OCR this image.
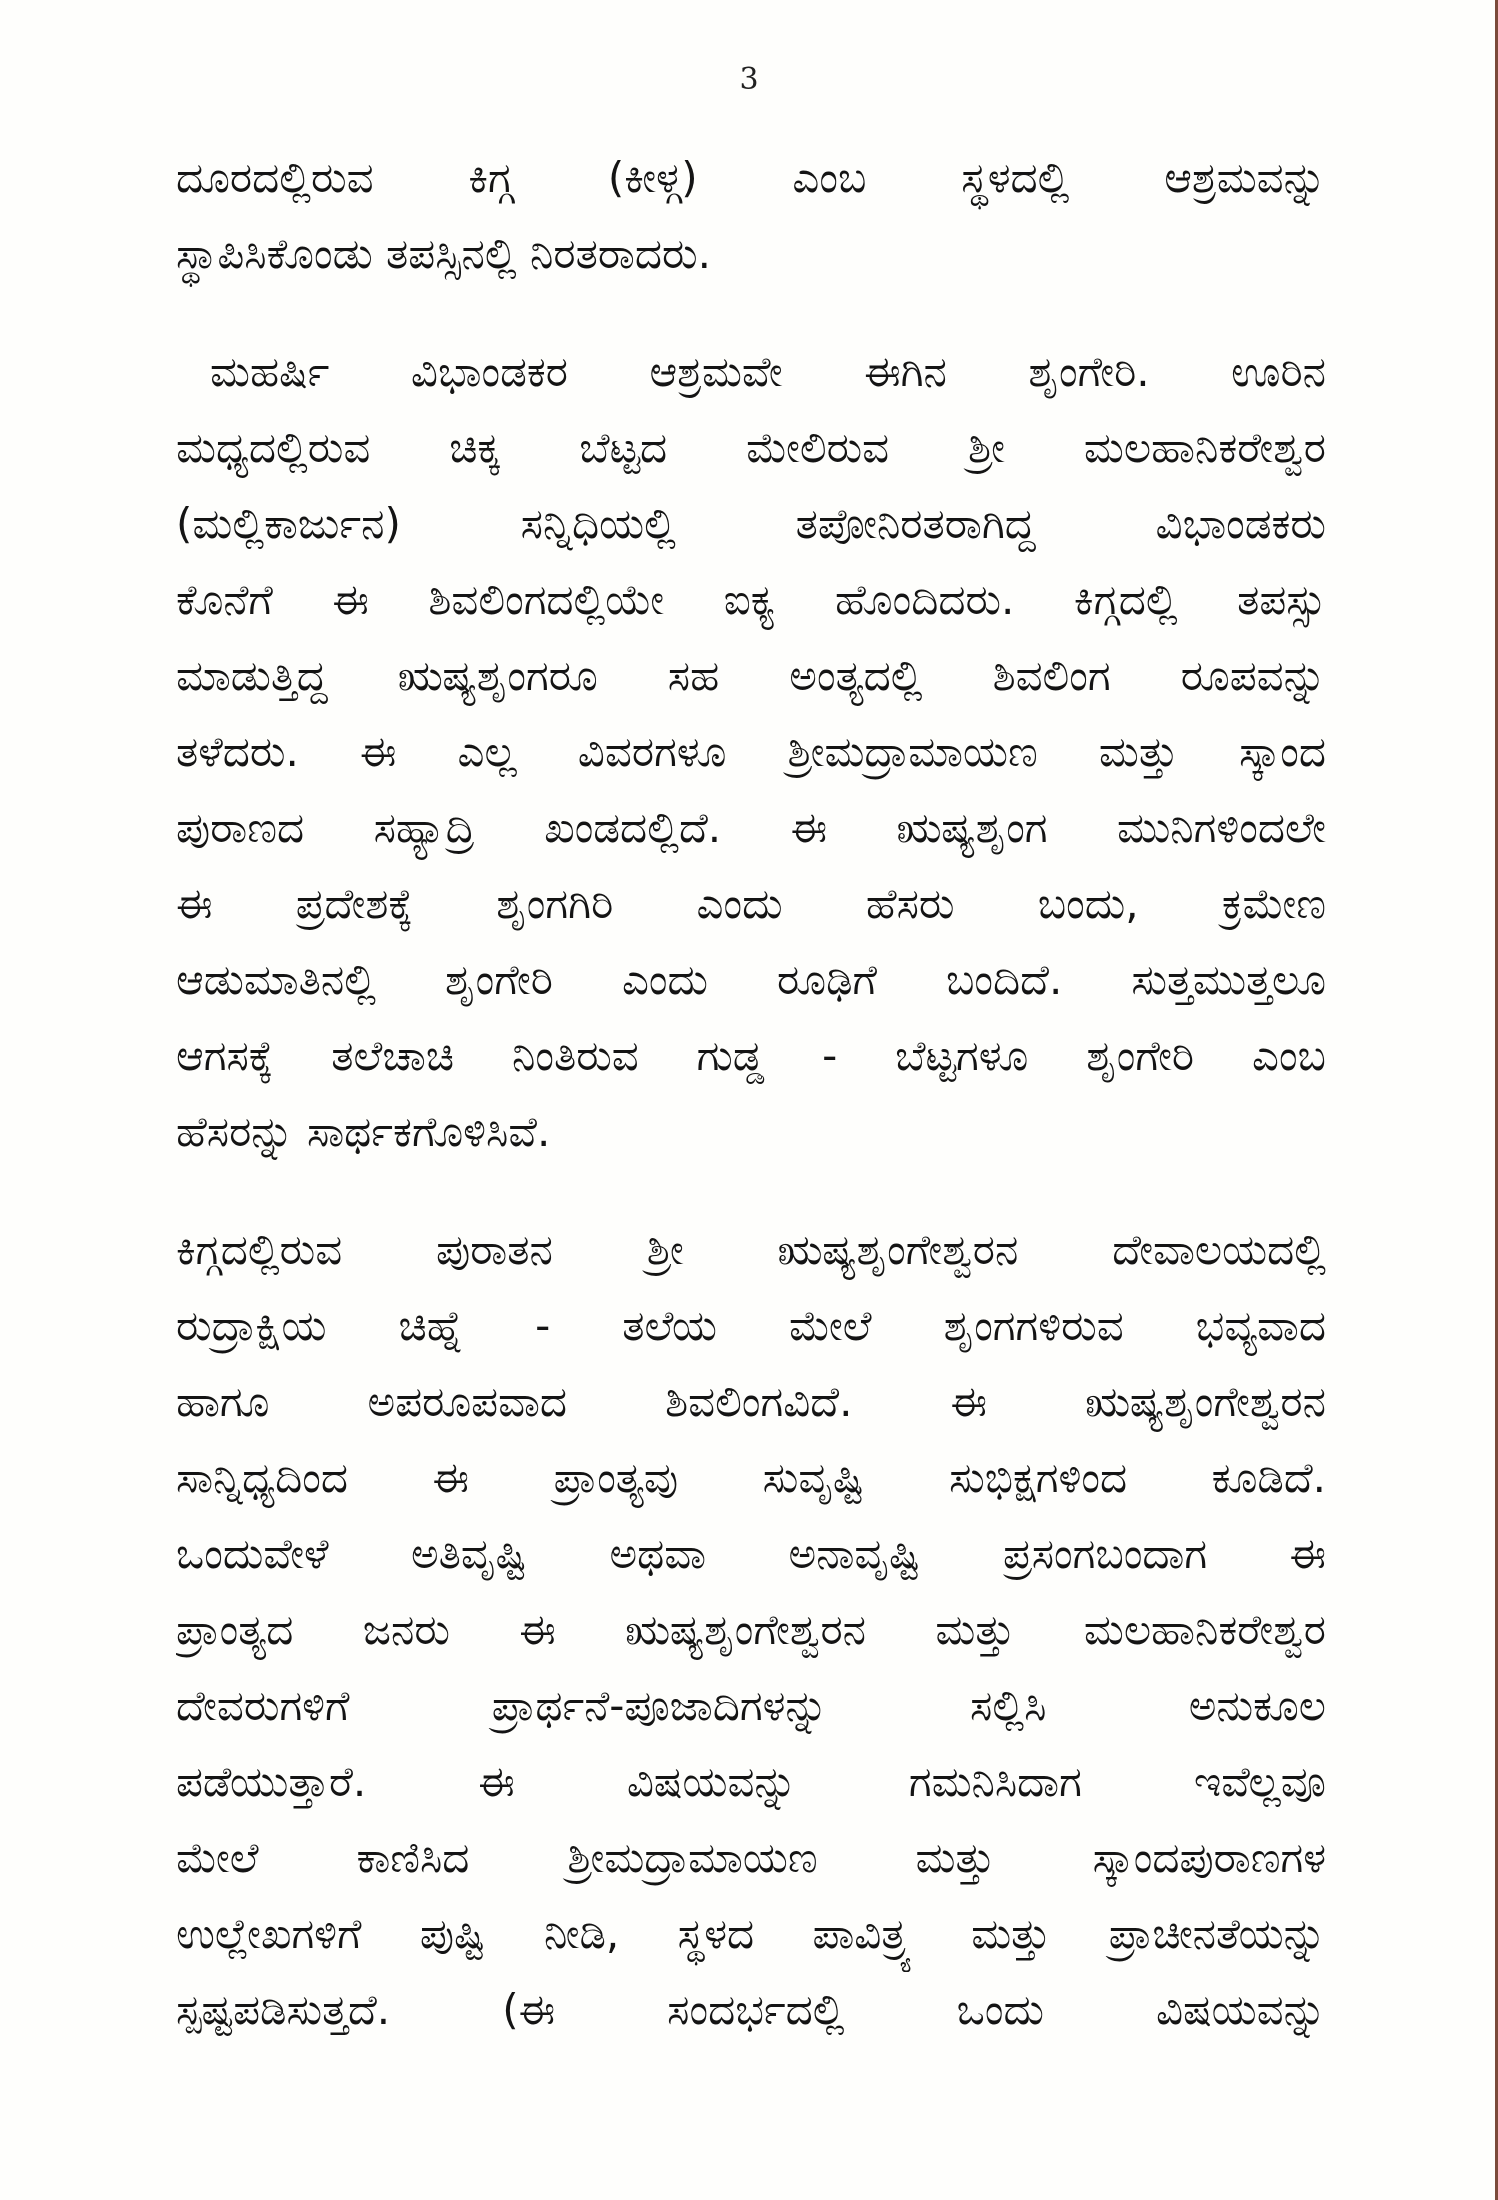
3
ದೂರದಲ್ಲಿರುವ ಕಿಗ್ಗ (ಕೀಳ್ಗ) ಎಂಬ ಸ್ಥಳದಲ್ಲಿ ಆಶ್ರಮವನ್ನು
ಸ್ಥಾಪಿಸಿಕೊಂಡು ತಪಸ್ಸಿನಲ್ಲಿ ನಿರತರಾದರು.
ಮಹರ್ಷಿ ವಿಭಾಂಡಕರ ಆಶ್ರಮವೇ ಈಗಿನ ಶೃಂಗೇರಿ. ಊರಿನ
ಮಧ್ಯದಲ್ಲಿರುವ ಚಿಕ್ಕ ಬೆಟ್ಟದ ಮೇಲಿರುವ ಶ್ರೀ ಮಲಹಾನಿಕರೇಶ್ವರ
(ಮಲ್ಲಿಕಾರ್ಜುನ) ಸನ್ನಿಧಿಯಲ್ಲಿ ತಪೋನಿರತರಾಗಿದ್ದ ವಿಭಾಂಡಕರು
ಕೊನೆಗೆ ಈ ಶಿವಲಿಂಗದಲ್ಲಿಯೇ ಐಕ್ಯ ಹೊಂದಿದರು. ಕಿಗ್ಗದಲ್ಲಿ ತಪಸ್ಸು
ಮಾಡುತ್ತಿದ್ದ ಋಷ್ಯಶೃಂಗರೂ ಸಹ ಅಂತ್ಯದಲ್ಲಿ ಶಿವಲಿಂಗ ರೂಪವನ್ನು
ತಳೆದರು. ಈ ಎಲ್ಲ ವಿವರಗಳೂ ಶ್ರೀಮದ್ರಾಮಾಯಣ ಮತ್ತು ಸ್ಕಾಂದ
ಪುರಾಣದ ಸಹ್ಯಾದ್ರಿ ಖಂಡದಲ್ಲಿದೆ. ಈ ಋಷ್ಯಶೃಂಗ ಮುನಿಗಳಿಂದಲೇ
ಈ ಪ್ರದೇಶಕ್ಕೆ ಶೃಂಗಗಿರಿ ಎಂದು ಹೆಸರು ಬಂದು, ಕ್ರಮೇಣ
ಆಡುಮಾತಿನಲ್ಲಿ ಶೃಂಗೇರಿ ಎಂದು ರೂಢಿಗೆ ಬಂದಿದೆ. ಸುತ್ತಮುತ್ತಲೂ
ಆಗಸಕ್ಕೆ ತಲೆಚಾಚಿ ನಿಂತಿರುವ ಗುಡ್ಡ - ಬೆಟ್ಟಗಳೂ ಶೃಂಗೇರಿ ಎಂಬ
ಹೆಸರನ್ನು ಸಾರ್ಥಕಗೊಳಿಸಿವೆ.
ಕಿಗ್ಗದಲ್ಲಿರುವ ಪುರಾತನ ಶ್ರೀ ಋಷ್ಯಶೃಂಗೇಶ್ವರನ ದೇವಾಲಯದಲ್ಲಿ
ರುದ್ರಾಕ್ಷಿಯ ಚಿಹ್ನೆ - ತಲೆಯ ಮೇಲೆ ಶೃಂಗಗಳಿರುವ ಭವ್ಯವಾದ
ಹಾಗೂ ಅಪರೂಪವಾದ ಶಿವಲಿಂಗವಿದೆ. ಈ ಋಷ್ಯಶೃಂಗೇಶ್ವರನ
ಸಾನ್ನಿಧ್ಯದಿಂದ ಈ ಪ್ರಾಂತ್ಯವು ಸುವೃಷ್ಟಿ ಸುಭಿಕ್ಷಗಳಿಂದ ಕೂಡಿದೆ.
ಒಂದುವೇಳೆ ಅತಿವೃಷ್ಟಿ ಅಥವಾ ಅನಾವೃಷ್ಟಿ ಪ್ರಸಂಗಬಂದಾಗ ಈ
ಪ್ರಾಂತ್ಯದ ಜನರು ಈ ಋಷ್ಯಶೃಂಗೇಶ್ವರನ ಮತ್ತು ಮಲಹಾನಿಕರೇಶ್ವರ
ದೇವರುಗಳಿಗೆ ಪ್ರಾರ್ಥನೆ-ಪೂಜಾದಿಗಳನ್ನು ಸಲ್ಲಿಸಿ ಅನುಕೂಲ
ಪಡೆಯುತ್ತಾರೆ. ಈ ವಿಷಯವನ್ನು ಗಮನಿಸಿದಾಗ ಇವೆಲ್ಲವೂ
ಮೇಲೆ ಕಾಣಿಸಿದ ಶ್ರೀಮದ್ರಾಮಾಯಣ ಮತ್ತು ಸ್ಕಾಂದಪುರಾಣಗಳ
ಉಲ್ಲೇಖಗಳಿಗೆ ಪುಷ್ಟಿ ನೀಡಿ, ಸ್ಥಳದ ಪಾವಿತ್ರ್ಯ ಮತ್ತು ಪ್ರಾಚೀನತೆಯನ್ನು
ಸ್ಪಷ್ಟಪಡಿಸುತ್ತದೆ. (ಈ ಸಂದರ್ಭದಲ್ಲಿ ಒಂದು ವಿಷಯವನ್ನು
